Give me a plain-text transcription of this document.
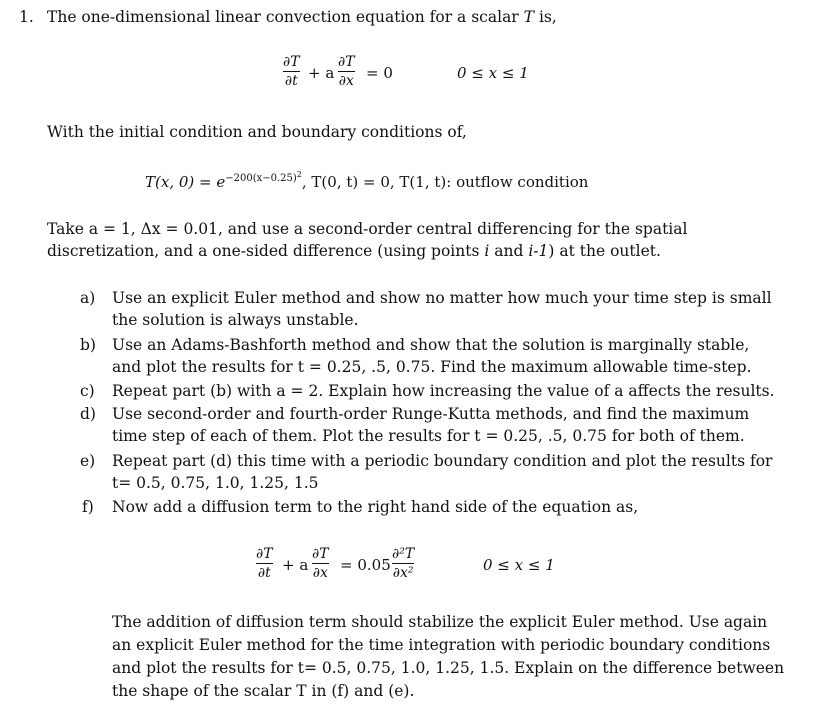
1. The one-dimensional linear convection equation for a scalar T is,
∂T
∂t + a
∂T
∂x = 0	0 ≤ x ≤ 1
With the initial condition and boundary conditions of,
T(x, $0) = e^{-200(x-0.25)^2}$, T(0, t) = 0, T(1, t): outflow condition
Take a = 1, Δx = 0.01, and use a second-order central differencing for the spatial
discretization, and a one-sided difference (using points i and i-1) at the outlet.
a) Use an explicit Euler method and show no matter how much your time step is small
the solution is always unstable.
b) Use an Adams-Bashforth method and show that the solution is marginally stable,
and plot the results for t = 0.25, .5, 0.75. Find the maximum allowable time-step.
c) Repeat part (b) with a = 2. Explain how increasing the value of a affects the results.
d) Use second-order and fourth-order Runge-Kutta methods, and find the maximum
time step of each of them. Plot the results for t = 0.25, .5, 0.75 for both of them.
e) Repeat part (d) this time with a periodic boundary condition and plot the results for
t= 0.5, 0.75, 1.0, 1.25, 1.5
f) Now add a diffusion term to the right hand side of the equation as,
∂T
∂t + a
∂T
∂x = 0.05
∂²T
∂x²	0 ≤ x ≤ 1
The addition of diffusion term should stabilize the explicit Euler method. Use again
an explicit Euler method for the time integration with periodic boundary conditions
and plot the results for t= 0.5, 0.75, 1.0, 1.25, 1.5. Explain on the difference between
the shape of the scalar T in (f) and (e).
